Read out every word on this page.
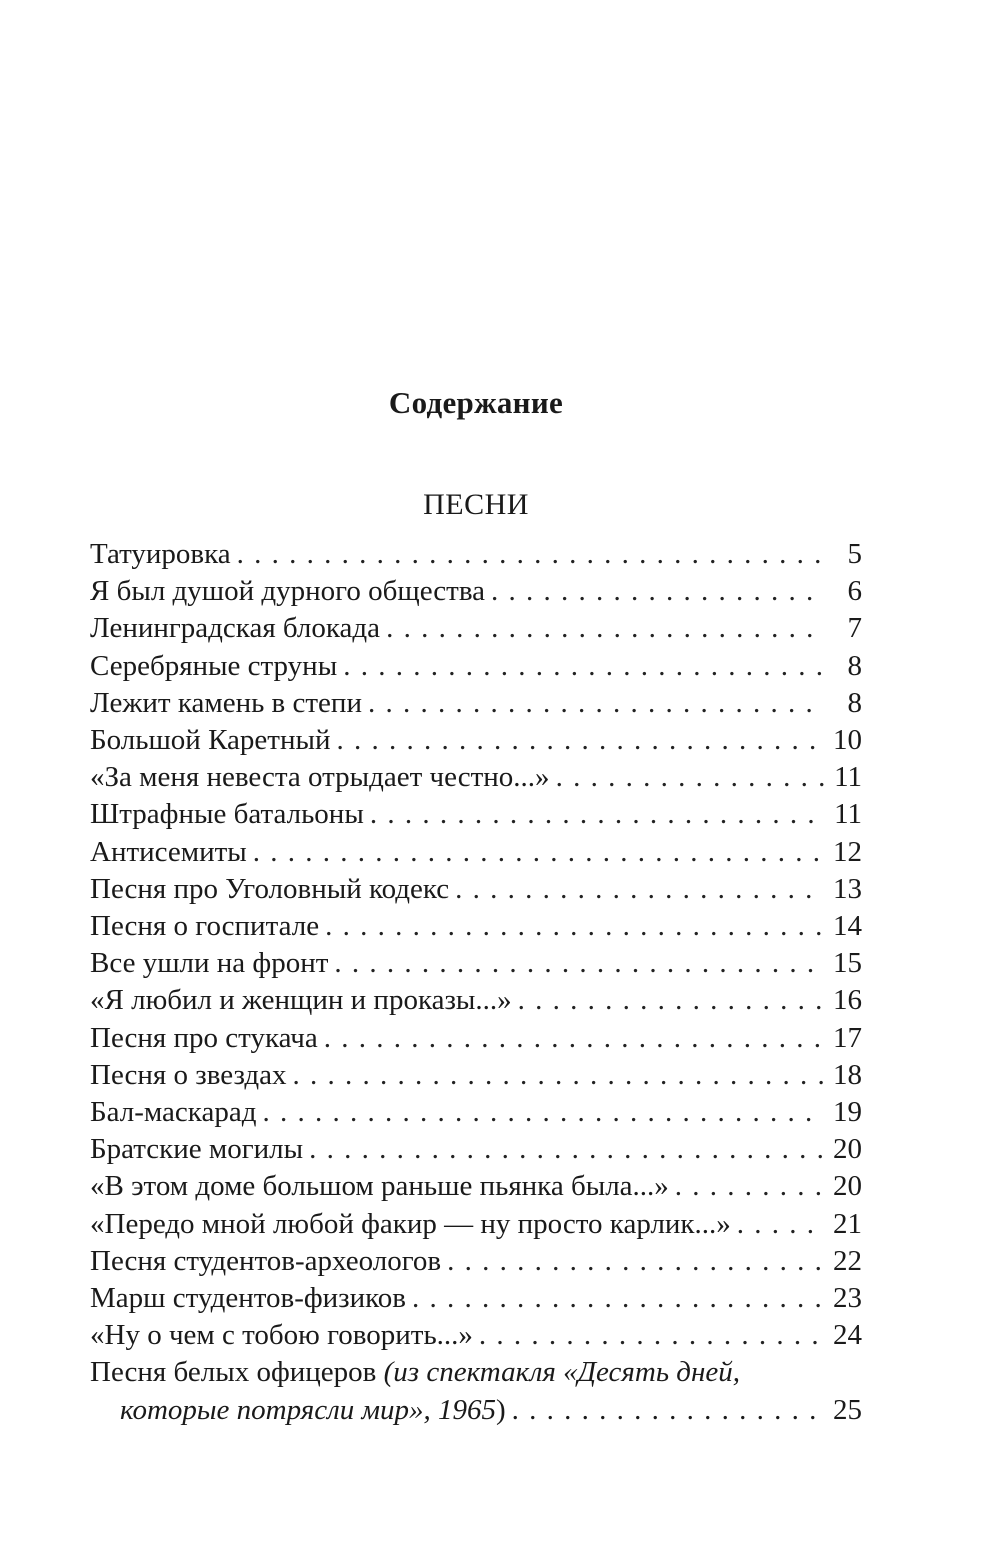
Содержание
ПЕСНИ
Татуировка . . .	5
Я был душой дурного общества . . .	6
Ленинградская блокада . . .	7
Серебряные струны . . .	8
Лежит камень в степи . . .	8
Большой Каретный . . .	10
«За меня невеста отрыдает честно...» . . .	11
Штрафные батальоны . . .	11
Антисемиты . . .	12
Песня про Уголовный кодекс . . .	13
Песня о госпитале . . .	14
Все ушли на фронт . . .	15
«Я любил и женщин и проказы...» . . .	16
Песня про стукача . . .	17
Песня о звездах . . .	18
Бал-маскарад . . .	19
Братские могилы . . .	20
«В этом доме большом раньше пьянка была...» . . .	20
«Передо мной любой факир — ну просто карлик...» . . .	21
Песня студентов-археологов . . .	22
Марш студентов-физиков . . .	23
«Ну о чем с тобою говорить...» . . .	24
Песня белых офицеров (из спектакля «Десять дней,
которые потрясли мир», 1965) . . .	25
